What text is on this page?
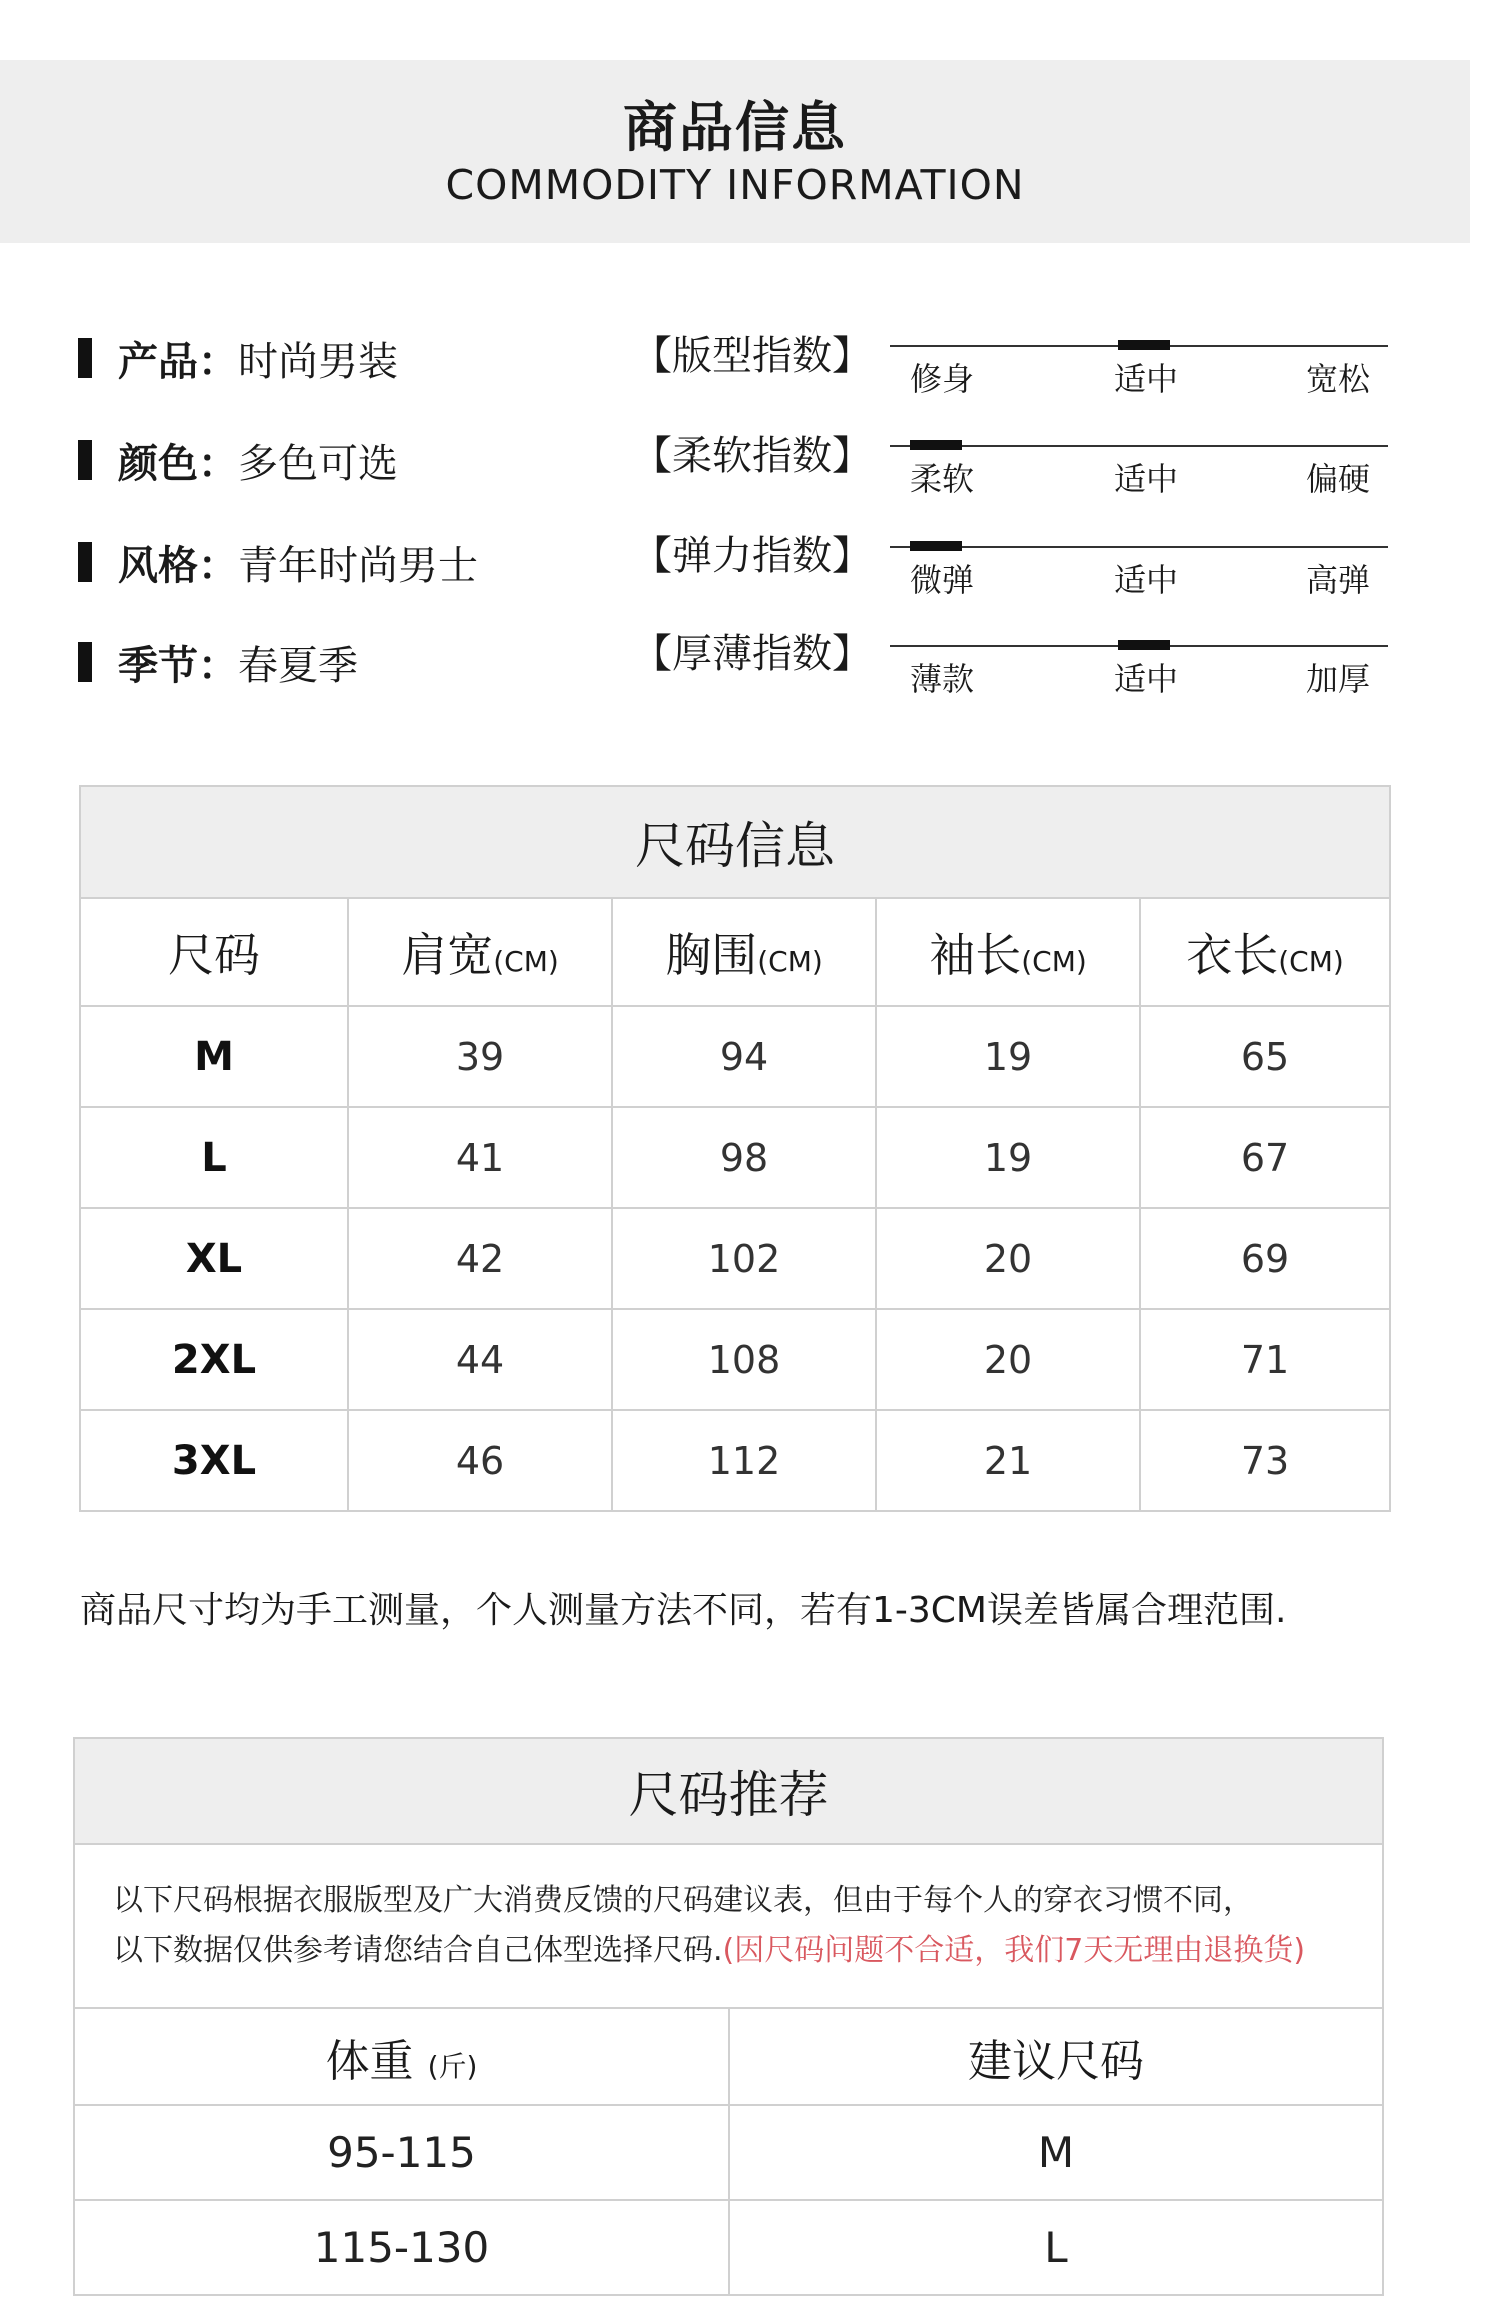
商品信息
COMMODITY INFORMATION
产品： 时尚男装
颜色： 多色可选
风格： 青年时尚男士
季节： 春夏季
【版型指数】
【柔软指数】
【弹力指数】
【厚薄指数】
修身	适中	宽松
柔软	适中	偏硬
微弹	适中	高弹
薄款	适中	加厚
尺码信息				
尺码	肩宽(CM)	胸围(CM)	袖长(CM)	衣长(CM)
M	39	94	19	65
L	41	98	19	67
XL	42	102	20	69
2XL	44	108	20	71
3XL	46	112	21	73
商品尺寸均为手工测量，个人测量方法不同，若有1-3CM误差皆属合理范围.
尺码推荐	

以下尺码根据衣服版型及广大消费反馈的尺码建议表，但由于每个人的穿衣习惯不同，
以下数据仅供参考请您结合自己体型选择尺码.(因尺码问题不合适，我们7天无理由退换货)	

体重 (斤)	建议尺码
95-115	M
115-130	L
